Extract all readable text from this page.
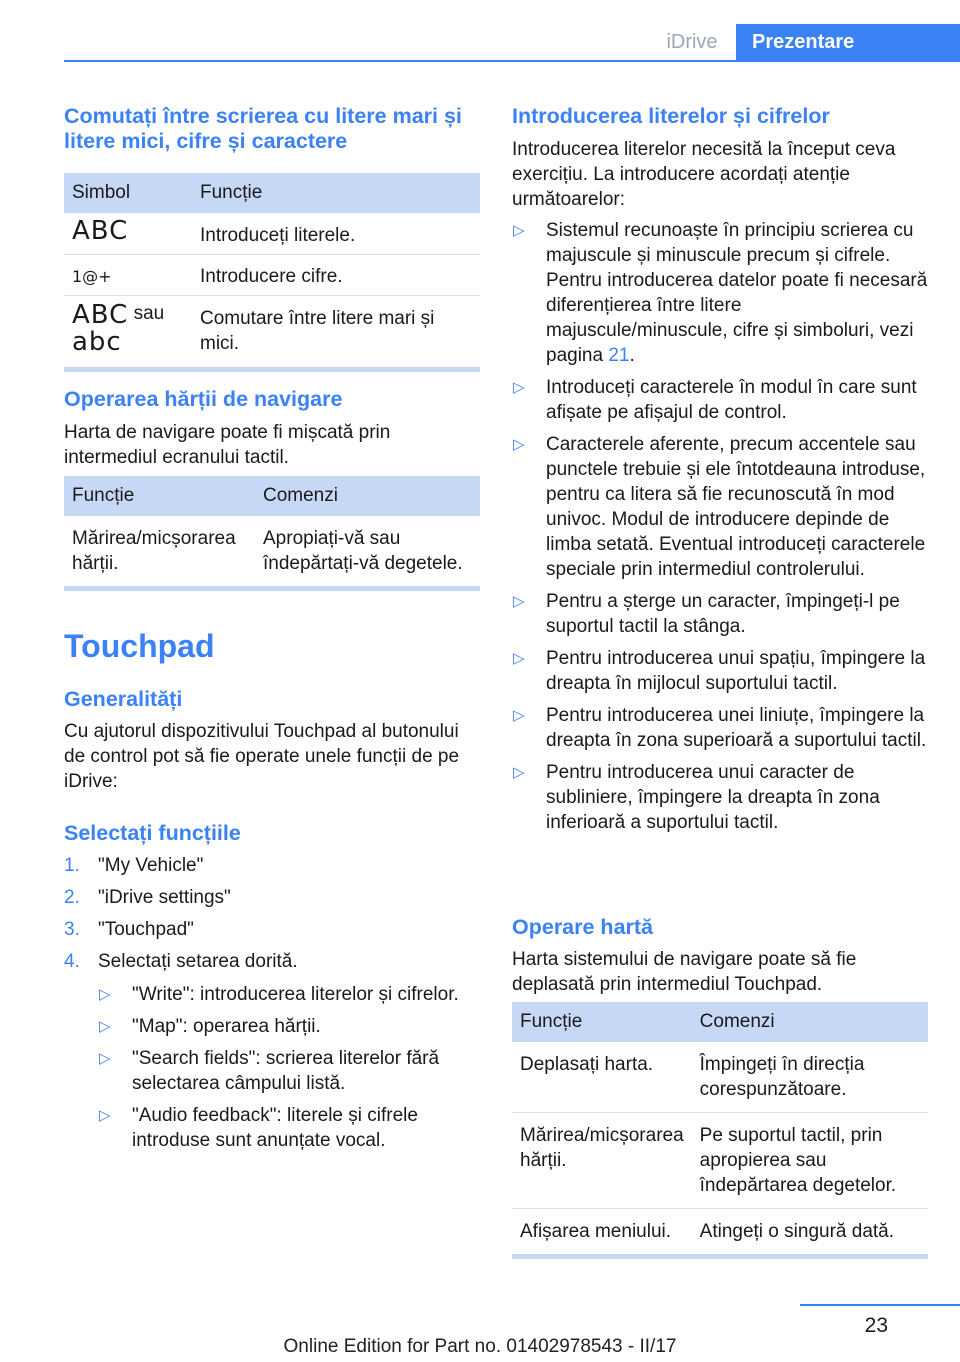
iDrive	Prezentare
Comutați între scrierea cu litere mari și litere mici, cifre și caractere
Simbol	Funcție
ABC	Introduceți literele.
1@+	Introducere cifre.
ABC sau
abc	Comutare între litere mari și mici.
Operarea hărții de navigare

Harta de navigare poate fi mișcată prin intermediul ecranului tactil.

Funcție	Comenzi
Mărirea/micșorarea hărții.	Apropiați-vă sau îndepărtați-vă degetele.
Touchpad
Generalități

Cu ajutorul dispozitivului Touchpad al butonului de control pot să fie operate unele funcții de pe iDrive:

Selectați funcțiile
1. "My Vehicle"
2. "iDrive settings"
3. "Touchpad"
4. Selectați setarea dorită.
▷ "Write": introducerea literelor și cifrelor.
▷ "Map": operarea hărții.
▷ "Search fields": scrierea literelor fără selectarea câmpului listă.
▷ "Audio feedback": literele și cifrele introduse sunt anunțate vocal.
Introducerea literelor și cifrelor

Introducerea literelor necesită la început ceva exercițiu. La introducere acordați atenție următoarelor:

▷ Sistemul recunoaște în principiu scrierea cu majuscule și minuscule precum și cifrele. Pentru introducerea datelor poate fi necesară diferențierea între litere majuscule/minuscule, cifre și simboluri, vezi pagina 21.
▷ Introduceți caracterele în modul în care sunt afișate pe afișajul de control.
▷ Caracterele aferente, precum accentele sau punctele trebuie și ele întotdeauna introduse, pentru ca litera să fie recunoscută în mod univoc. Modul de introducere depinde de limba setată. Eventual introduceți caracterele speciale prin intermediul controlerului.
▷ Pentru a șterge un caracter, împingeți-l pe suportul tactil la stânga.
▷ Pentru introducerea unui spațiu, împingere la dreapta în mijlocul suportului tactil.
▷ Pentru introducerea unei liniuțe, împingere la dreapta în zona superioară a suportului tactil.
▷ Pentru introducerea unui caracter de subliniere, împingere la dreapta în zona inferioară a suportului tactil.
Operare hartă

Harta sistemului de navigare poate să fie deplasată prin intermediul Touchpad.

Funcție	Comenzi
Deplasați harta.	Împingeți în direcția corespunzătoare.
Mărirea/micșorarea hărții.	Pe suportul tactil, prin apropierea sau îndepărtarea degetelor.
Afișarea meniului.	Atingeți o singură dată.
23
Online Edition for Part no. 01402978543 - II/17
